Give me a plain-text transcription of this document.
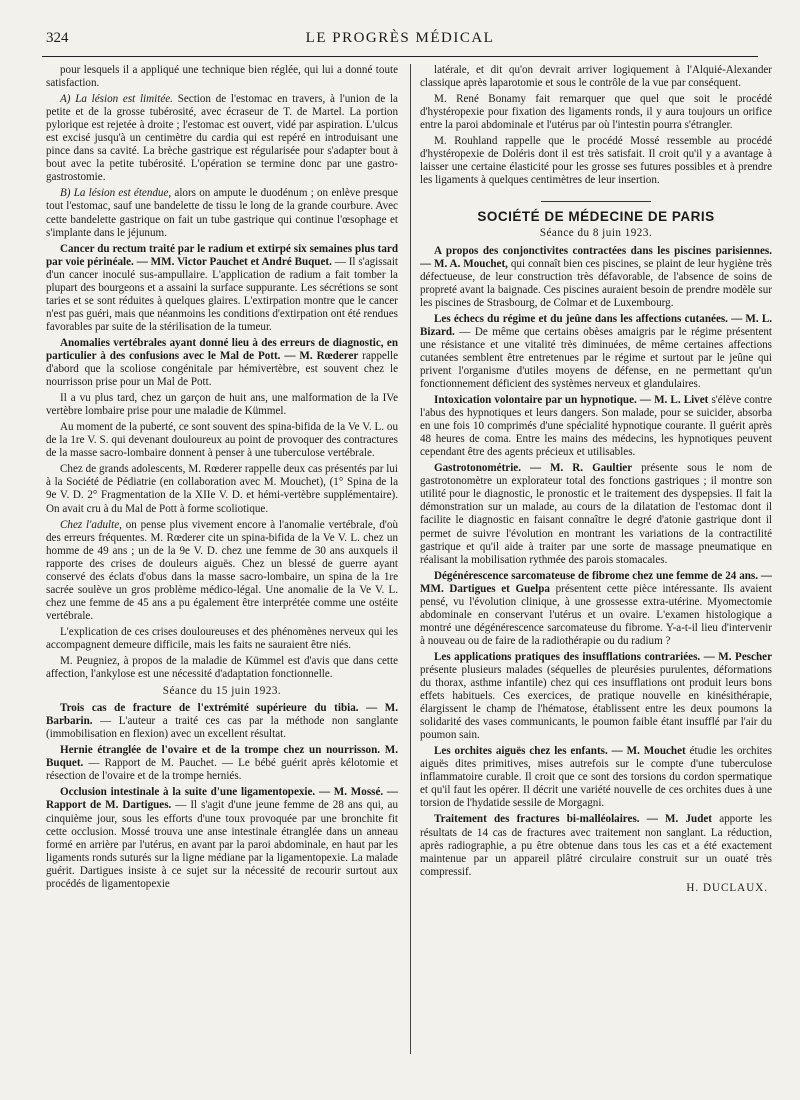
324	LE PROGRÈS MÉDICAL

pour lesquels il a appliqué une technique bien réglée, qui lui a donné toute satisfaction.

A) La lésion est limitée. Section de l'estomac en travers, à l'union de la petite et de la grosse tubérosité, avec écraseur de T. de Martel. La portion pylorique est rejetée à droite ; l'estomac est ouvert, vidé par aspiration. L'ulcus est excisé jusqu'à un centimètre du cardia qui est repéré en introduisant une pince dans sa cavité. La brèche gastrique est régularisée pour s'adapter bout à bout avec la petite tubérosité. L'opération se termine donc par une gastro-gastrostomie.

B) La lésion est étendue, alors on ampute le duodénum ; on enlève presque tout l'estomac, sauf une bandelette de tissu le long de la grande courbure. Avec cette bandelette gastrique on fait un tube gastrique qui continue l'œsophage et s'implante dans le jéjunum.

Cancer du rectum traité par le radium et extirpé six semaines plus tard par voie périnéale. — MM. Victor Pauchet et André Buquet. — Il s'agissait d'un cancer inoculé sus-ampullaire. L'application de radium a fait tomber la plupart des bourgeons et a assaini la surface suppurante. Les sécrétions se sont taries et se sont réduites à quelques glaires. L'extirpation montre que le cancer n'est pas guéri, mais que néanmoins les conditions d'extirpation ont été rendues favorables par suite de la stérilisation de la tumeur.

Anomalies vertébrales ayant donné lieu à des erreurs de diagnostic, en particulier à des confusions avec le Mal de Pott. — M. Rœderer rappelle d'abord que la scoliose congénitale par hémivertèbre, est souvent chez le nourrisson prise pour un Mal de Pott.

Il a vu plus tard, chez un garçon de huit ans, une malformation de la IVe vertèbre lombaire prise pour une maladie de Kümmel.

Au moment de la puberté, ce sont souvent des spina-bifida de la Ve V. L. ou de la 1re V. S. qui devenant douloureux au point de provoquer des contractures de la masse sacro-lombaire donnent à penser à une tuberculose vertébrale.

Chez de grands adolescents, M. Rœderer rappelle deux cas présentés par lui à la Société de Pédiatrie (en collaboration avec M. Mouchet), (1° Spina de la 9e V. D. 2° Fragmentation de la XIIe V. D. et hémi-vertèbre supplémentaire). On avait cru à du Mal de Pott à forme scoliotique.

Chez l'adulte, on pense plus vivement encore à l'anomalie vertébrale, d'où des erreurs fréquentes. M. Rœderer cite un spina-bifida de la Ve V. L. chez un homme de 49 ans ; un de la 9e V. D. chez une femme de 30 ans auxquels il rapporte des crises de douleurs aiguës. Chez un blessé de guerre ayant conservé des éclats d'obus dans la masse sacro-lombaire, un spina de la 1re sacrée soulève un gros problème médico-légal. Une anomalie de la Ve V. L. chez une femme de 45 ans a pu également être interprétée comme une ostéite vertébrale.

L'explication de ces crises douloureuses et des phénomènes nerveux qui les accompagnent demeure difficile, mais les faits ne sauraient être niés.

M. Peugniez, à propos de la maladie de Kümmel est d'avis que dans cette affection, l'ankylose est une nécessité d'adaptation fonctionnelle.

Séance du 15 juin 1923.

Trois cas de fracture de l'extrémité supérieure du tibia. — M. Barbarin. — L'auteur a traité ces cas par la méthode non sanglante (immobilisation en flexion) avec un excellent résultat.

Hernie étranglée de l'ovaire et de la trompe chez un nourrisson. M. Buquet. — Rapport de M. Pauchet. — Le bébé guérit après kélotomie et résection de l'ovaire et de la trompe herniés.

Occlusion intestinale à la suite d'une ligamentopexie. — M. Mossé. — Rapport de M. Dartigues. — Il s'agit d'une jeune femme de 28 ans qui, au cinquième jour, sous les efforts d'une toux provoquée par une bronchite fit cette occlusion. Mossé trouva une anse intestinale étranglée dans un anneau formé en arrière par l'utérus, en avant par la paroi abdominale, en haut par les ligaments ronds suturés sur la ligne médiane par la ligamentopexie. La malade guérit. Dartigues insiste à ce sujet sur la nécessité de recourir surtout aux procédés de ligamentopexie

latérale, et dit qu'on devrait arriver logiquement à l'Alquié-Alexander classique après laparotomie et sous le contrôle de la vue par conséquent.

M. René Bonamy fait remarquer que quel que soit le procédé d'hystéropexie pour fixation des ligaments ronds, il y aura toujours un orifice entre la paroi abdominale et l'utérus par où l'intestin pourra s'étrangler.

M. Rouhland rappelle que le procédé Mossé ressemble au procédé d'hystéropexie de Doléris dont il est très satisfait. Il croit qu'il y a avantage à laisser une certaine élasticité pour les grosse ses futures possibles et à prendre les ligaments à quelques centimètres de leur insertion.

SOCIÉTÉ DE MÉDECINE DE PARIS

Séance du 8 juin 1923.

A propos des conjonctivites contractées dans les piscines parisiennes. — M. A. Mouchet, qui connaît bien ces piscines, se plaint de leur hygiène très défectueuse, de leur construction très défavorable, de l'absence de soins de propreté avant la baignade. Ces piscines auraient besoin de prendre modèle sur les piscines de Strasbourg, de Colmar et de Luxembourg.

Les échecs du régime et du jeûne dans les affections cutanées. — M. L. Bizard. — De même que certains obèses amaigris par le régime présentent une résistance et une vitalité très diminuées, de même certaines affections cutanées semblent être entretenues par le régime et surtout par le jeûne qui privent l'organisme d'utiles moyens de défense, en ne permettant qu'un fonctionnement déficient des systèmes nerveux et glandulaires.

Intoxication volontaire par un hypnotique. — M. L. Livet s'élève contre l'abus des hypnotiques et leurs dangers. Son malade, pour se suicider, absorba en une fois 10 comprimés d'une spécialité hypnotique courante. Il guérit après 48 heures de coma. Entre les mains des médecins, les hypnotiques peuvent cependant être des agents précieux et utilisables.

Gastrotonométrie. — M. R. Gaultier présente sous le nom de gastrotonomètre un explorateur total des fonctions gastriques ; il montre son utilité pour le diagnostic, le pronostic et le traitement des dyspepsies. Il fait la démonstration sur un malade, au cours de la dilatation de l'estomac dont il facilite le diagnostic en faisant connaître le degré d'atonie gastrique dont il permet de suivre l'évolution en montrant les variations de la contractilité gastrique et qu'il aide à traiter par une sorte de massage pneumatique en réalisant la mobilisation rythmée des parois stomacales.

Dégénérescence sarcomateuse de fibrome chez une femme de 24 ans. — MM. Dartigues et Guelpa présentent cette pièce intéressante. Ils avaient pensé, vu l'évolution clinique, à une grossesse extra-utérine. Myomectomie abdominale en conservant l'utérus et un ovaire. L'examen histologique a montré une dégénérescence sarcomateuse du fibrome. Y-a-t-il lieu d'intervenir à nouveau ou de faire de la radiothérapie ou du radium ?

Les applications pratiques des insufflations contrariées. — M. Pescher présente plusieurs malades (séquelles de pleurésies purulentes, déformations du thorax, asthme infantile) chez qui ces insufflations ont produit leurs bons effets habituels. Ces exercices, de pratique nouvelle en kinésithérapie, élargissent le champ de l'hématose, établissent entre les deux poumons la solidarité des vases communicants, le poumon faible étant insufflé par l'air du poumon sain.

Les orchites aiguës chez les enfants. — M. Mouchet étudie les orchites aiguës dites primitives, mises autrefois sur le compte d'une tuberculose inflammatoire curable. Il croit que ce sont des torsions du cordon spermatique et qu'il faut les opérer. Il décrit une variété nouvelle de ces orchites dues à une torsion de l'hydatide sessile de Morgagni.

Traitement des fractures bi-malléolaires. — M. Judet apporte les résultats de 14 cas de fractures avec traitement non sanglant. La réduction, après radiographie, a pu être obtenue dans tous les cas et a été exactement maintenue par un appareil plâtré circulaire construit sur un ouaté très compressif.

H. DUCLAUX.
